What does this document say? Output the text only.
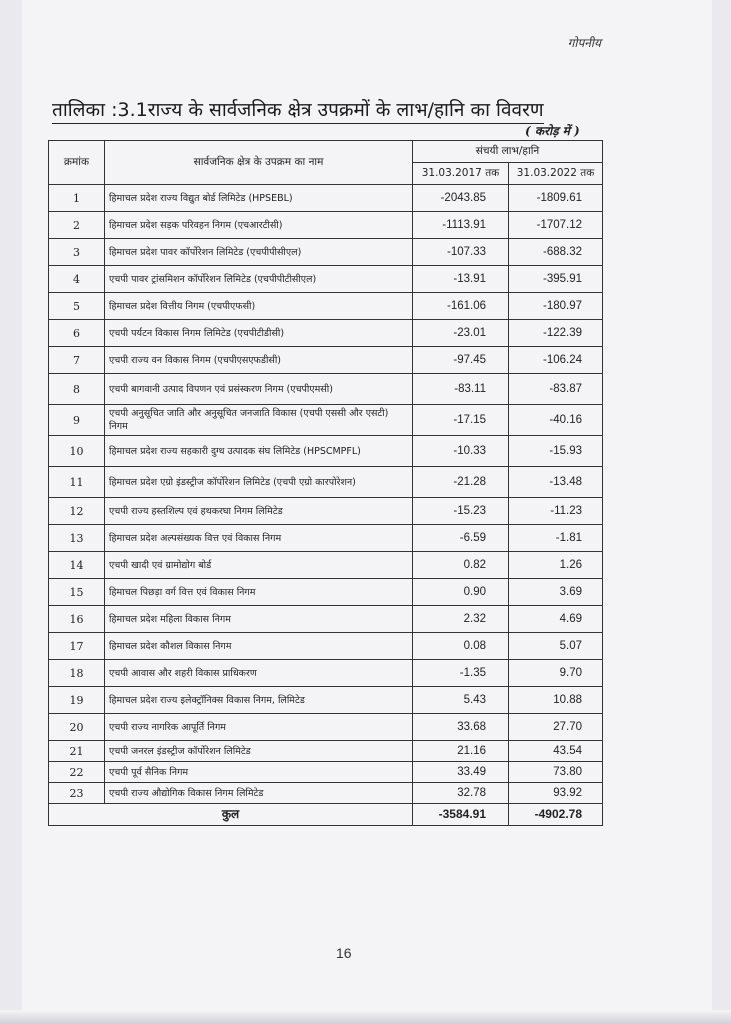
गोपनीय
तालिका :3.1राज्य के सार्वजनिक क्षेत्र उपक्रमों के लाभ/हानि का विवरण
( करोड़ में )
क्रमांक	सार्वजनिक क्षेत्र के उपक्रम का नाम	संचयी लाभ/हानि	
		31.03.2017 तक	31.03.2022 तक
1	हिमाचल प्रदेश राज्य विद्युत बोर्ड लिमिटेड (HPSEBL)	-2043.85	-1809.61
2	हिमाचल प्रदेश सड़क परिवहन निगम (एचआरटीसी)	-1113.91	-1707.12
3	हिमाचल प्रदेश पावर कॉर्पोरेशन लिमिटेड (एचपीपीसीएल)	-107.33	-688.32
4	एचपी पावर ट्रांसमिशन कॉर्पोरेशन लिमिटेड (एचपीपीटीसीएल)	-13.91	-395.91
5	हिमाचल प्रदेश वित्तीय निगम (एचपीएफसी)	-161.06	-180.97
6	एचपी पर्यटन विकास निगम लिमिटेड (एचपीटीडीसी)	-23.01	-122.39
7	एचपी राज्य वन विकास निगम (एचपीएसएफडीसी)	-97.45	-106.24
8	एचपी बागवानी उत्पाद विपणन एवं प्रसंस्करण निगम (एचपीएमसी)	-83.11	-83.87
9	एचपी अनुसूचित जाति और अनुसूचित जनजाति विकास (एचपी एससी और एसटी) निगम	-17.15	-40.16
10	हिमाचल प्रदेश राज्य सहकारी दुग्ध उत्पादक संघ लिमिटेड (HPSCMPFL)	-10.33	-15.93
11	हिमाचल प्रदेश एग्रो इंडस्ट्रीज कॉर्पोरेशन लिमिटेड (एचपी एग्रो कारपोरेशन)	-21.28	-13.48
12	एचपी राज्य हस्तशिल्प एवं हथकरघा निगम लिमिटेड	-15.23	-11.23
13	हिमाचल प्रदेश अल्पसंख्यक वित्त एवं विकास निगम	-6.59	-1.81
14	एचपी खादी एवं ग्रामोद्योग बोर्ड	0.82	1.26
15	हिमाचल पिछड़ा वर्ग वित्त एवं विकास निगम	0.90	3.69
16	हिमाचल प्रदेश महिला विकास निगम	2.32	4.69
17	हिमाचल प्रदेश कौशल विकास निगम	0.08	5.07
18	एचपी आवास और शहरी विकास प्राधिकरण	-1.35	9.70
19	हिमाचल प्रदेश राज्य इलेक्ट्रॉनिक्स विकास निगम, लिमिटेड	5.43	10.88
20	एचपी राज्य नागरिक आपूर्ति निगम	33.68	27.70
21	एचपी जनरल इंडस्ट्रीज कॉर्पोरेशन लिमिटेड	21.16	43.54
22	एचपी पूर्व सैनिक निगम	33.49	73.80
23	एचपी राज्य औद्योगिक विकास निगम लिमिटेड	32.78	93.92
कुल		-3584.91	-4902.78
16
